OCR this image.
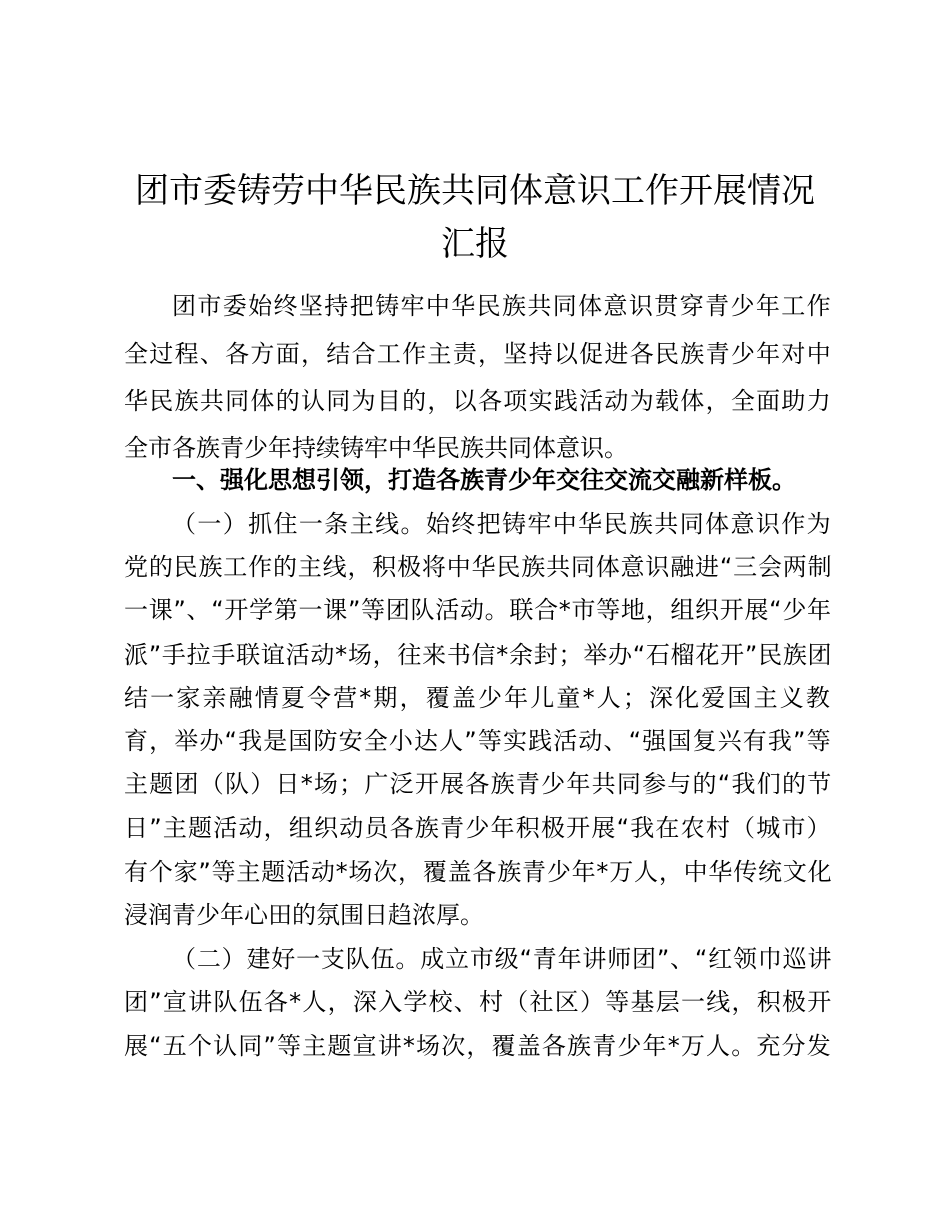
团市委铸劳中华民族共同体意识工作开展情况
汇报

团市委始终坚持把铸牢中华民族共同体意识贯穿青少年工作

全过程、各方面，结合工作主责，坚持以促进各民族青少年对中

华民族共同体的认同为目的，以各项实践活动为载体，全面助力

全市各族青少年持续铸牢中华民族共同体意识。

一、强化思想引领，打造各族青少年交往交流交融新样板。

（一）抓住一条主线。始终把铸牢中华民族共同体意识作为

党的民族工作的主线，积极将中华民族共同体意识融进“三会两制

一课”、“开学第一课”等团队活动。联合*市等地，组织开展“少年

派”手拉手联谊活动*场，往来书信*余封；举办“石榴花开”民族团

结一家亲融情夏令营*期，覆盖少年儿童*人；深化爱国主义教

育，举办“我是国防安全小达人”等实践活动、“强国复兴有我”等

主题团（队）日*场；广泛开展各族青少年共同参与的“我们的节

日”主题活动，组织动员各族青少年积极开展“我在农村（城市）

有个家”等主题活动*场次，覆盖各族青少年*万人，中华传统文化

浸润青少年心田的氛围日趋浓厚。

（二）建好一支队伍。成立市级“青年讲师团”、“红领巾巡讲

团”宣讲队伍各*人，深入学校、村（社区）等基层一线，积极开

展“五个认同”等主题宣讲*场次，覆盖各族青少年*万人。充分发
